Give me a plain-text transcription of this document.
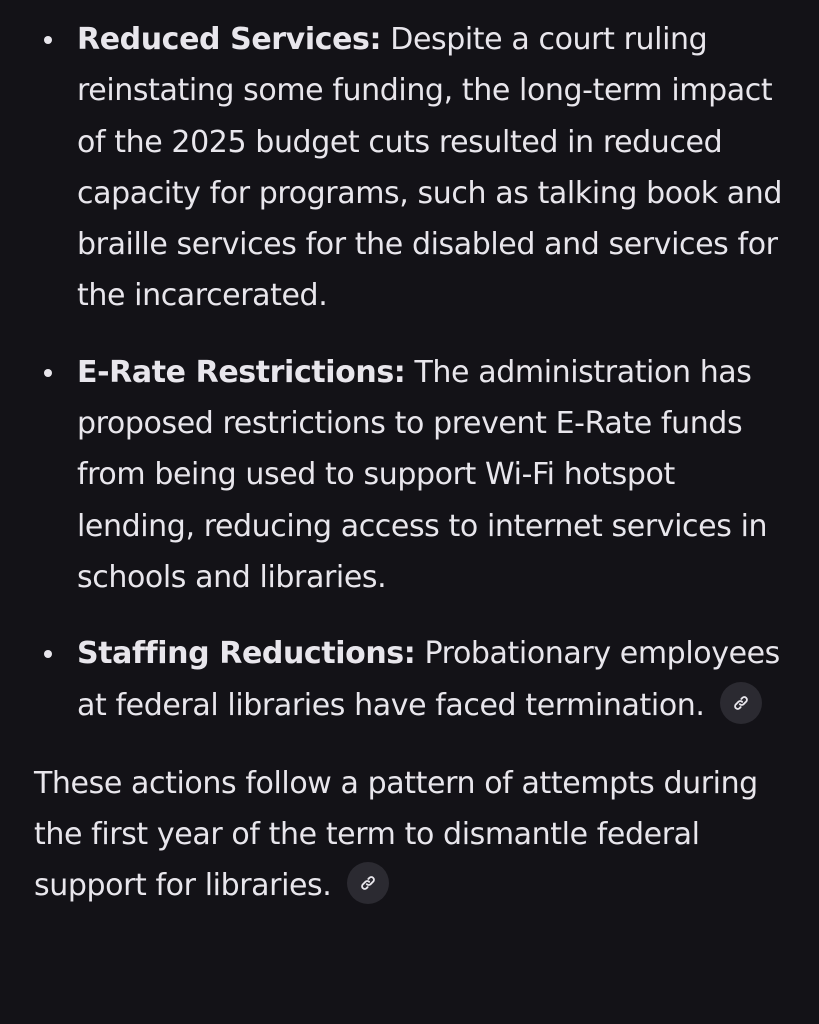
Reduced Services: Despite a court ruling reinstating some funding, the long-term impact of the 2025 budget cuts resulted in reduced capacity for programs, such as talking book and braille services for the disabled and services for the incarcerated.
E-Rate Restrictions: The administration has proposed restrictions to prevent E-Rate funds from being used to support Wi-Fi hotspot lending, reducing access to internet services in schools and libraries.
Staffing Reductions: Probationary employees at federal libraries have faced termination.
These actions follow a pattern of attempts during the first year of the term to dismantle federal support for libraries.
